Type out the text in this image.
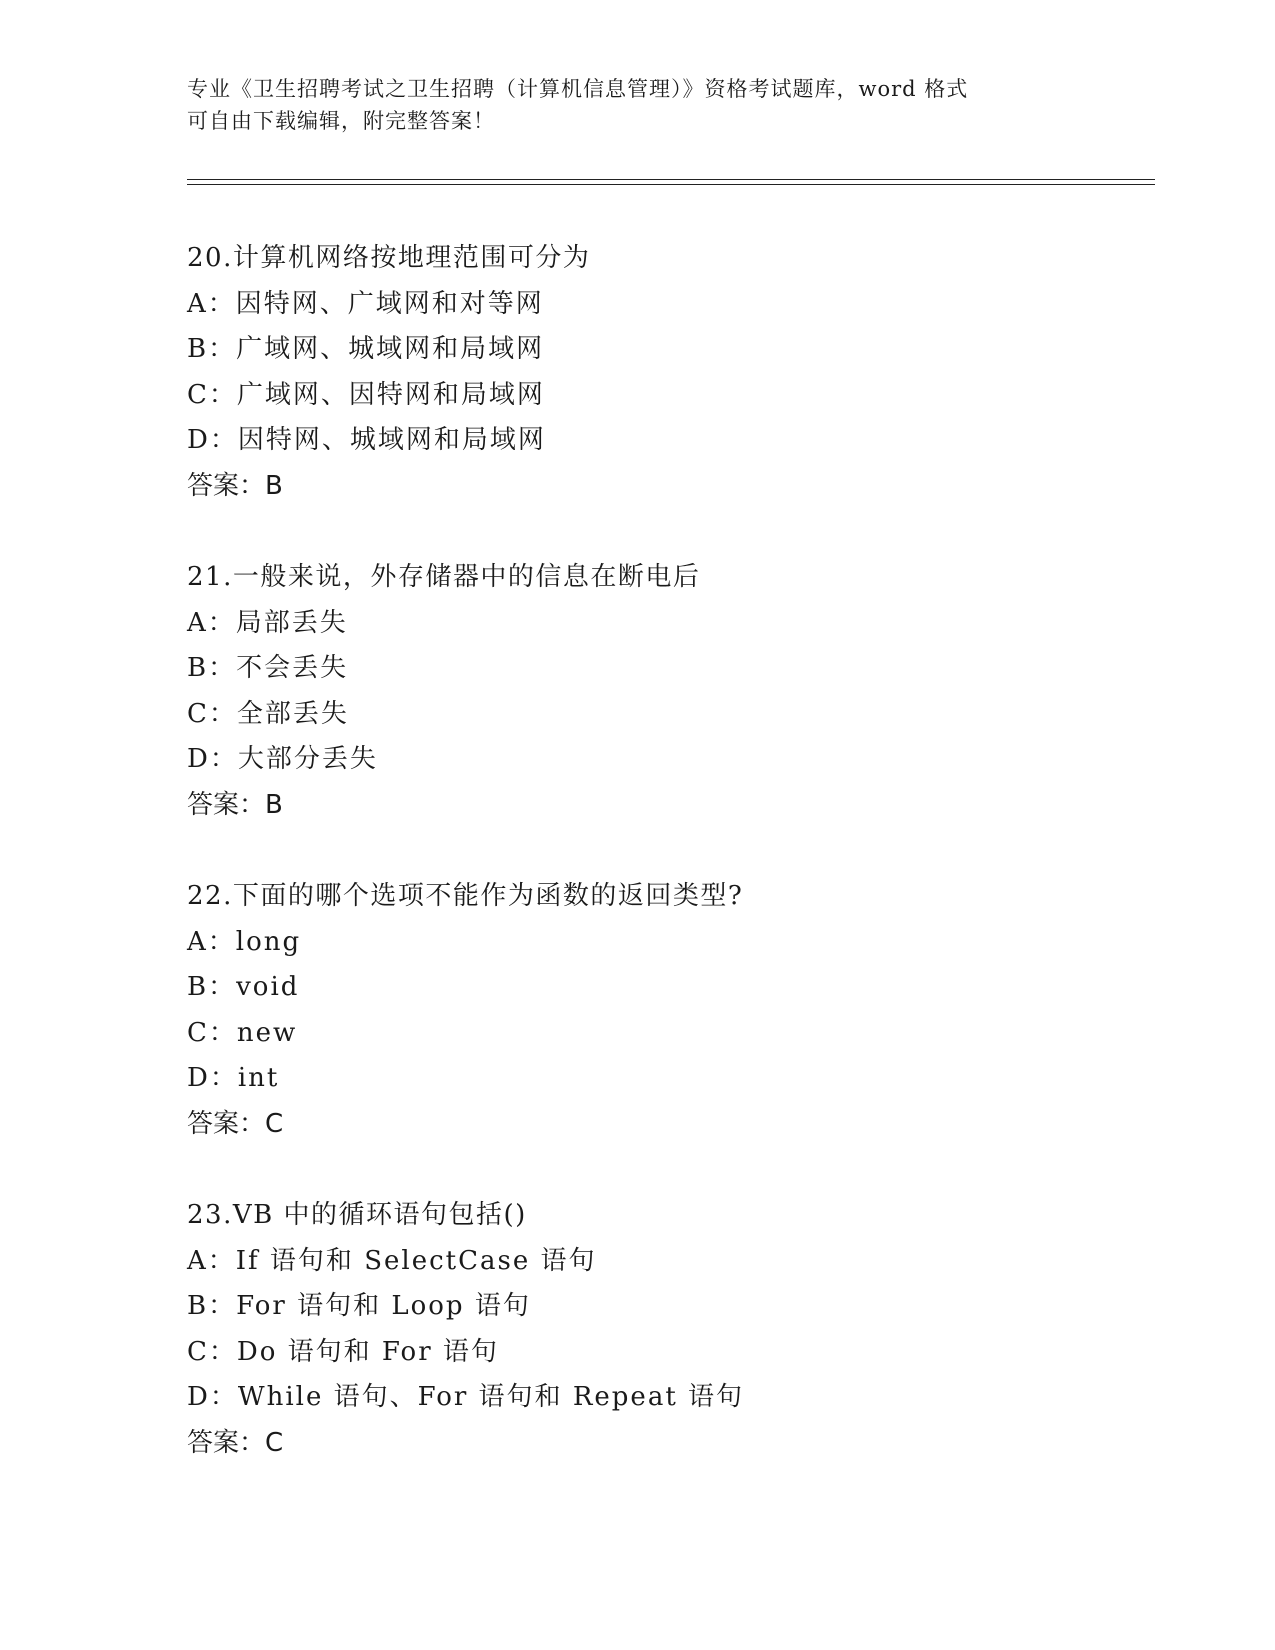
专业《卫生招聘考试之卫生招聘（计算机信息管理）》资格考试题库，word 格式
可自由下载编辑，附完整答案！
20.计算机网络按地理范围可分为
A：因特网、广域网和对等网
B：广域网、城域网和局域网
C：广域网、因特网和局域网
D：因特网、城域网和局域网
答案：B
21.一般来说，外存储器中的信息在断电后
A：局部丢失
B：不会丢失
C：全部丢失
D：大部分丢失
答案：B
22.下面的哪个选项不能作为函数的返回类型?
A：long
B：void
C：new
D：int
答案：C
23.VB 中的循环语句包括()
A：If 语句和 SelectCase 语句
B：For 语句和 Loop 语句
C：Do 语句和 For 语句
D：While 语句、For 语句和 Repeat 语句
答案：C
